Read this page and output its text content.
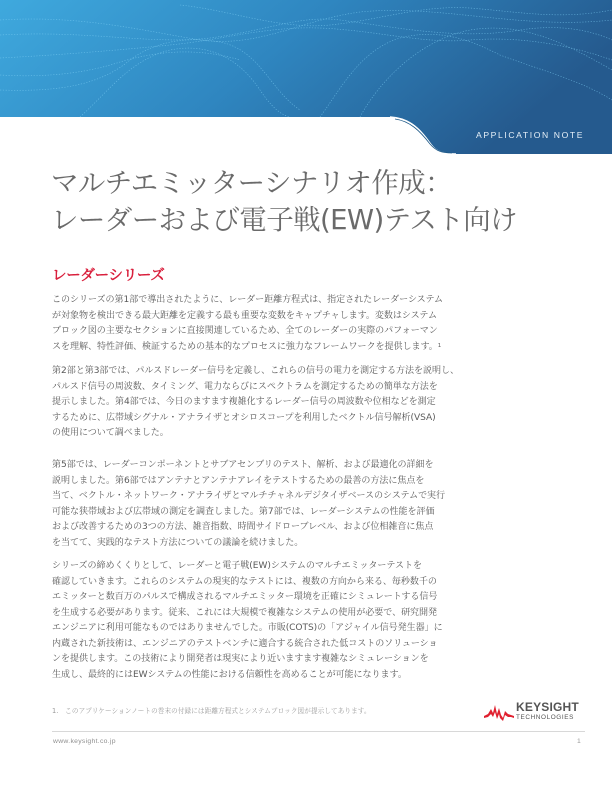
APPLICATION NOTE
マルチエミッターシナリオ作成：
レーダーおよび電子戦(EW)テスト向け
レーダーシリーズ
このシリーズの第1部で導出されたように、レーダー距離方程式は、指定されたレーダーシステム
が対象物を検出できる最大距離を定義する最も重要な変数をキャプチャします。変数はシステム
ブロック図の主要なセクションに直接関連しているため、全てのレーダーの実際のパフォーマン
スを理解、特性評価、検証するための基本的なプロセスに強力なフレームワークを提供します。$^1$
第2部と第3部では、パルスドレーダー信号を定義し、これらの信号の電力を測定する方法を説明し、
パルスド信号の周波数、タイミング、電力ならびにスペクトラムを測定するための簡単な方法を
提示しました。第4部では、今日のますます複雑化するレーダー信号の周波数や位相などを測定
するために、広帯域シグナル・アナライザとオシロスコープを利用したベクトル信号解析(VSA)
の使用について調べました。
第5部では、レーダーコンポーネントとサブアセンブリのテスト、解析、および最適化の詳細を
説明しました。第6部ではアンテナとアンテナアレイをテストするための最善の方法に焦点を
当て、ベクトル・ネットワーク・アナライザとマルチチャネルデジタイザベースのシステムで実行
可能な狭帯域および広帯域の測定を調査しました。第7部では、レーダーシステムの性能を評価
および改善するための3つの方法、雑音指数、時間サイドローブレベル、および位相雑音に焦点
を当てて、実践的なテスト方法についての議論を続けました。
シリーズの締めくくりとして、レーダーと電子戦(EW)システムのマルチエミッターテストを
確認していきます。これらのシステムの現実的なテストには、複数の方向から来る、毎秒数千の
エミッターと数百万のパルスで構成されるマルチエミッター環境を正確にシミュレートする信号
を生成する必要があります。従来、これには大規模で複雑なシステムの使用が必要で、研究開発
エンジニアに利用可能なものではありませんでした。市販(COTS)の「アジャイル信号発生器」に
内蔵された新技術は、エンジニアのテストベンチに適合する統合された低コストのソリューショ
ンを提供します。この技術により開発者は現実により近いますます複雑なシミュレーションを
生成し、最終的にはEWシステムの性能における信頼性を高めることが可能になります。
1.　このアプリケーションノートの巻末の付録には距離方程式とシステムブロック図が提示してあります。	KEYSIGHT
TECHNOLOGIES
www.keysight.co.jp	1
